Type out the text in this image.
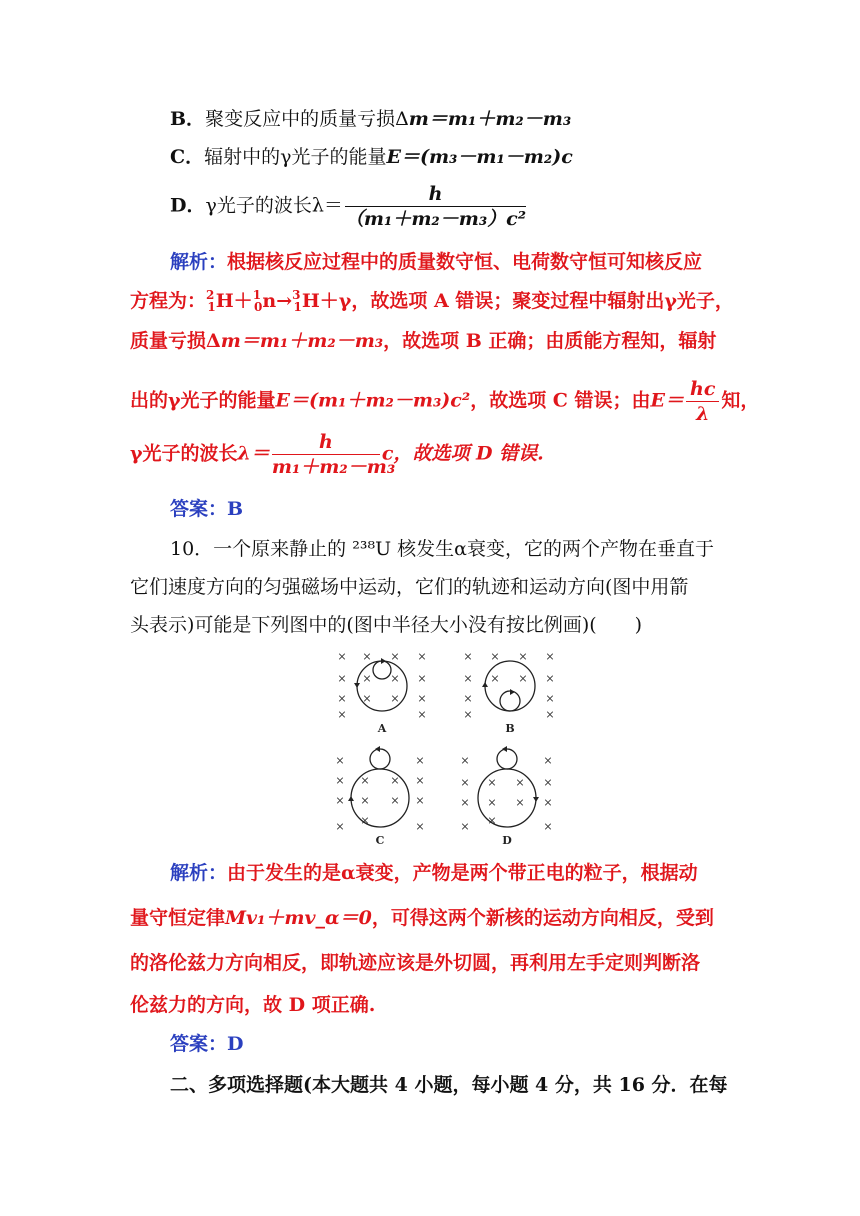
B．聚变反应中的质量亏损Δm＝m₁＋m₂－m₃
C．辐射中的γ光子的能量E＝(m₃－m₁－m₂)c
D．γ光子的波长$\lambda= \frac{h}{\text{（m₁＋m₂－m₃）c²}}$
解析：根据核反应过程中的质量数守恒、电荷数守恒可知核反应
方程为：$^2_1$H＋$^1_0$n→$^3_1$H＋γ，故选项 A 错误；聚变过程中辐射出γ光子，
质量亏损Δm＝m₁＋m₂－m₃，故选项 B 正确；由质能方程知，辐射
出的γ光子的能量E＝(m₁＋m₂－m₃)c²，故选项 C 错误；由$E= \frac{hc}{\lambda}$ 知，
γ光子的波长$\lambda= \frac{h}{\text{m₁＋m₂－m₃}}$ c，故选项 D 错误.
答案：B
10．一个原来静止的 ²³⁸U 核发生α衰变，它的两个产物在垂直于
它们速度方向的匀强磁场中运动，它们的轨迹和运动方向(图中用箭
头表示)可能是下列图中的(图中半径大小没有按比例画)(　　)
× × × ×
×	×
× ×
× × × ×
×	×
× × × ×
× × × ×
×	×
×	×
×	×
× × × ×
× × × ×
×	×
×
×	×
× × × ×
× × × ×
×	×
×
A	B
C	D
解析：由于发生的是α衰变，产物是两个带正电的粒子，根据动
量守恒定律Mv₁＋mv_α＝0，可得这两个新核的运动方向相反，受到
的洛伦兹力方向相反，即轨迹应该是外切圆，再利用左手定则判断洛
伦兹力的方向，故 D 项正确.
答案：D
二、多项选择题(本大题共 4 小题，每小题 4 分，共 16 分．在每
